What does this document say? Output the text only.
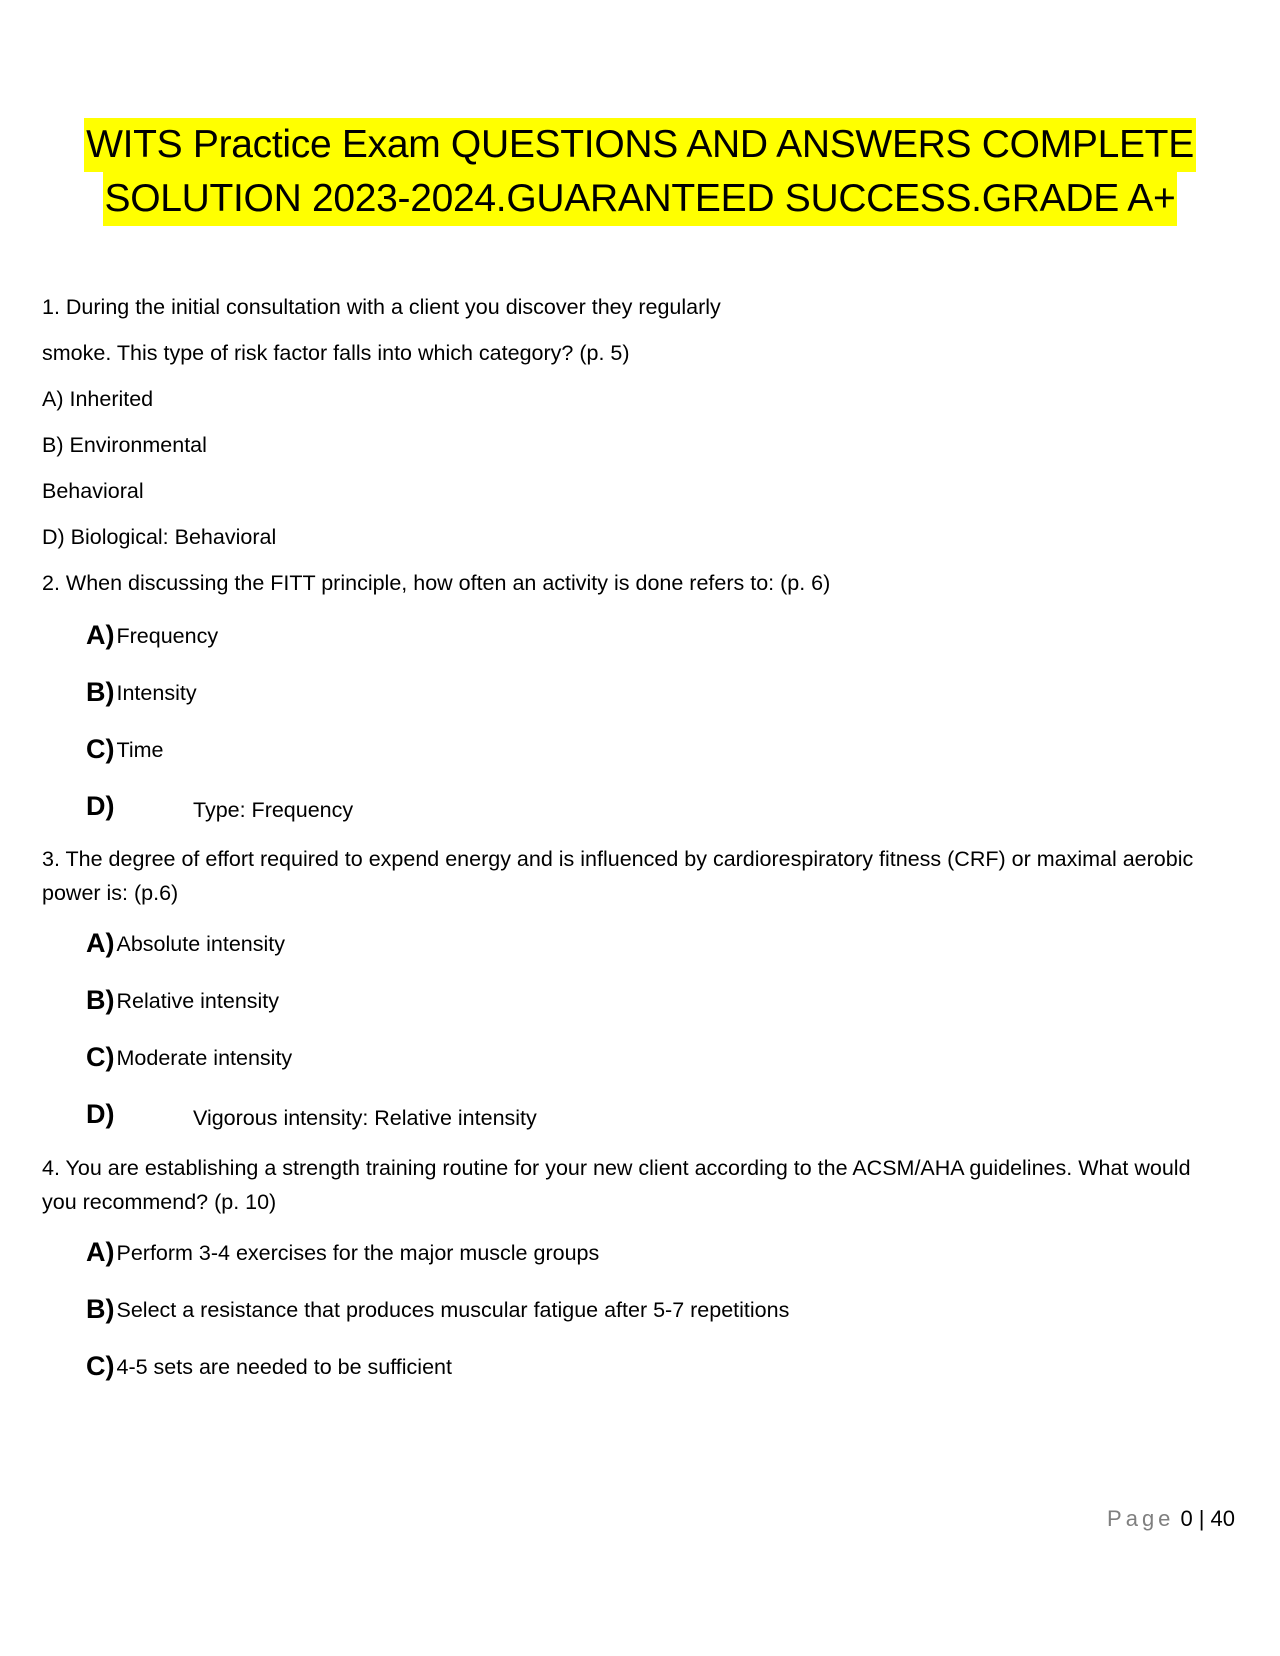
WITS Practice Exam QUESTIONS AND ANSWERS COMPLETE
SOLUTION 2023-2024.GUARANTEED SUCCESS.GRADE A+
1. During the initial consultation with a client you discover they regularly
smoke. This type of risk factor falls into which category? (p. 5)
A) Inherited
B) Environmental
Behavioral
D) Biological: Behavioral
2. When discussing the FITT principle, how often an activity is done refers to: (p. 6)
A)Frequency
B)Intensity
C)Time
D)	Type: Frequency
3. The degree of effort required to expend energy and is influenced by cardiorespiratory fitness (CRF) or maximal aerobic power is: (p.6)
A)Absolute intensity
B)Relative intensity
C)Moderate intensity
D)	Vigorous intensity: Relative intensity
4. You are establishing a strength training routine for your new client according to the ACSM/AHA guidelines. What would you recommend? (p. 10)
A)Perform 3-4 exercises for the major muscle groups
B)Select a resistance that produces muscular fatigue after 5-7 repetitions
C)4-5 sets are needed to be sufficient
Page 0 | 40
